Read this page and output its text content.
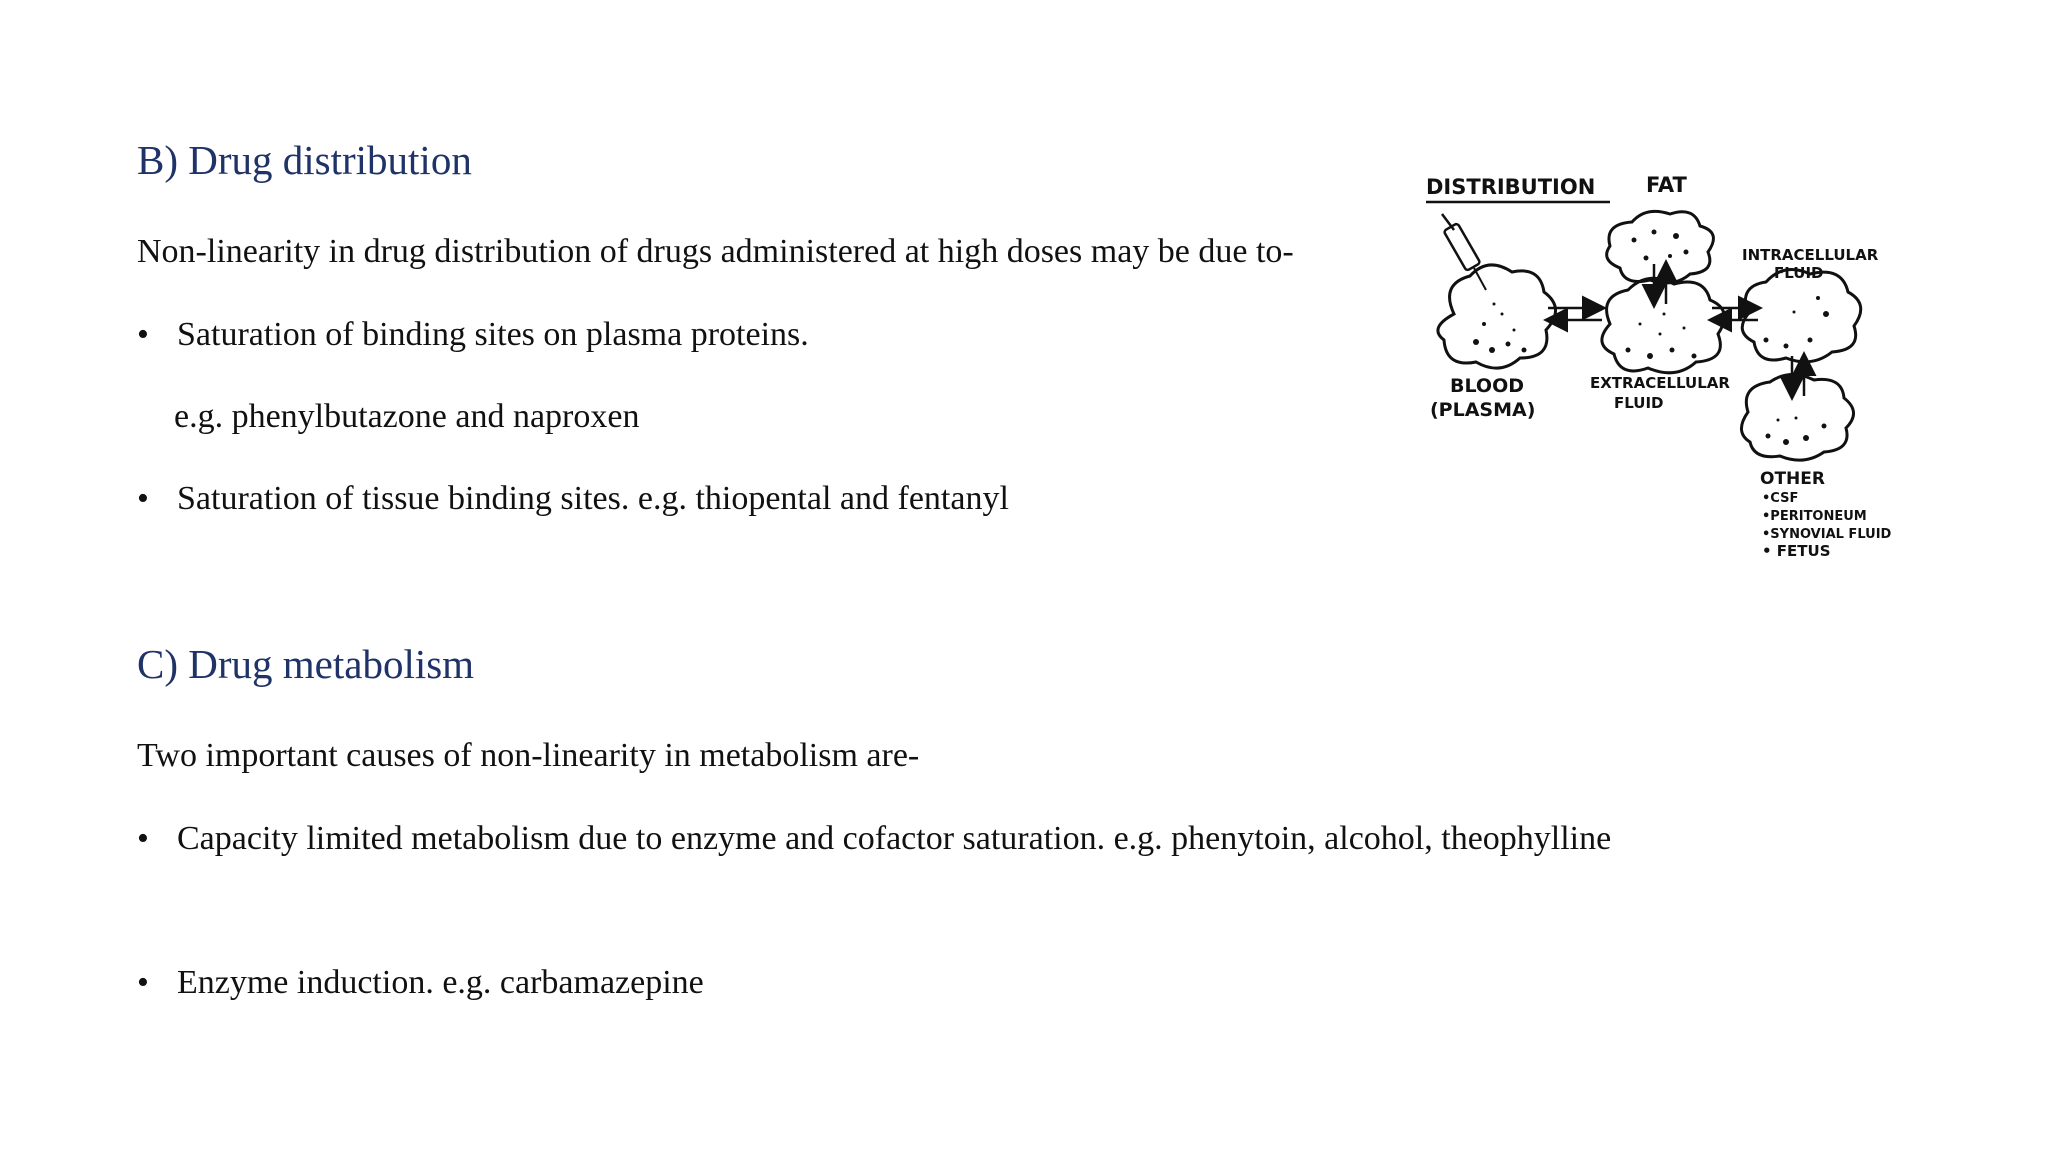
B) Drug distribution

Non-linearity in drug distribution of drugs administered at high doses may be due to-

• Saturation of binding sites on plasma proteins.

e.g. phenylbutazone and naproxen

• Saturation of tissue binding sites. e.g. thiopental and fentanyl
C) Drug metabolism

Two important causes of non-linearity in metabolism are-

• Capacity limited metabolism due to enzyme and cofactor saturation. e.g. phenytoin, alcohol, theophylline
• Enzyme induction. e.g. carbamazepine
DISTRIBUTION FAT
BLOOD
(PLASMA)
EXTRACELLULAR
FLUID
INTRACELLULAR
FLUID
OTHER
•CSF
•PERITONEUM
•SYNOVIAL FLUID
• FETUS
